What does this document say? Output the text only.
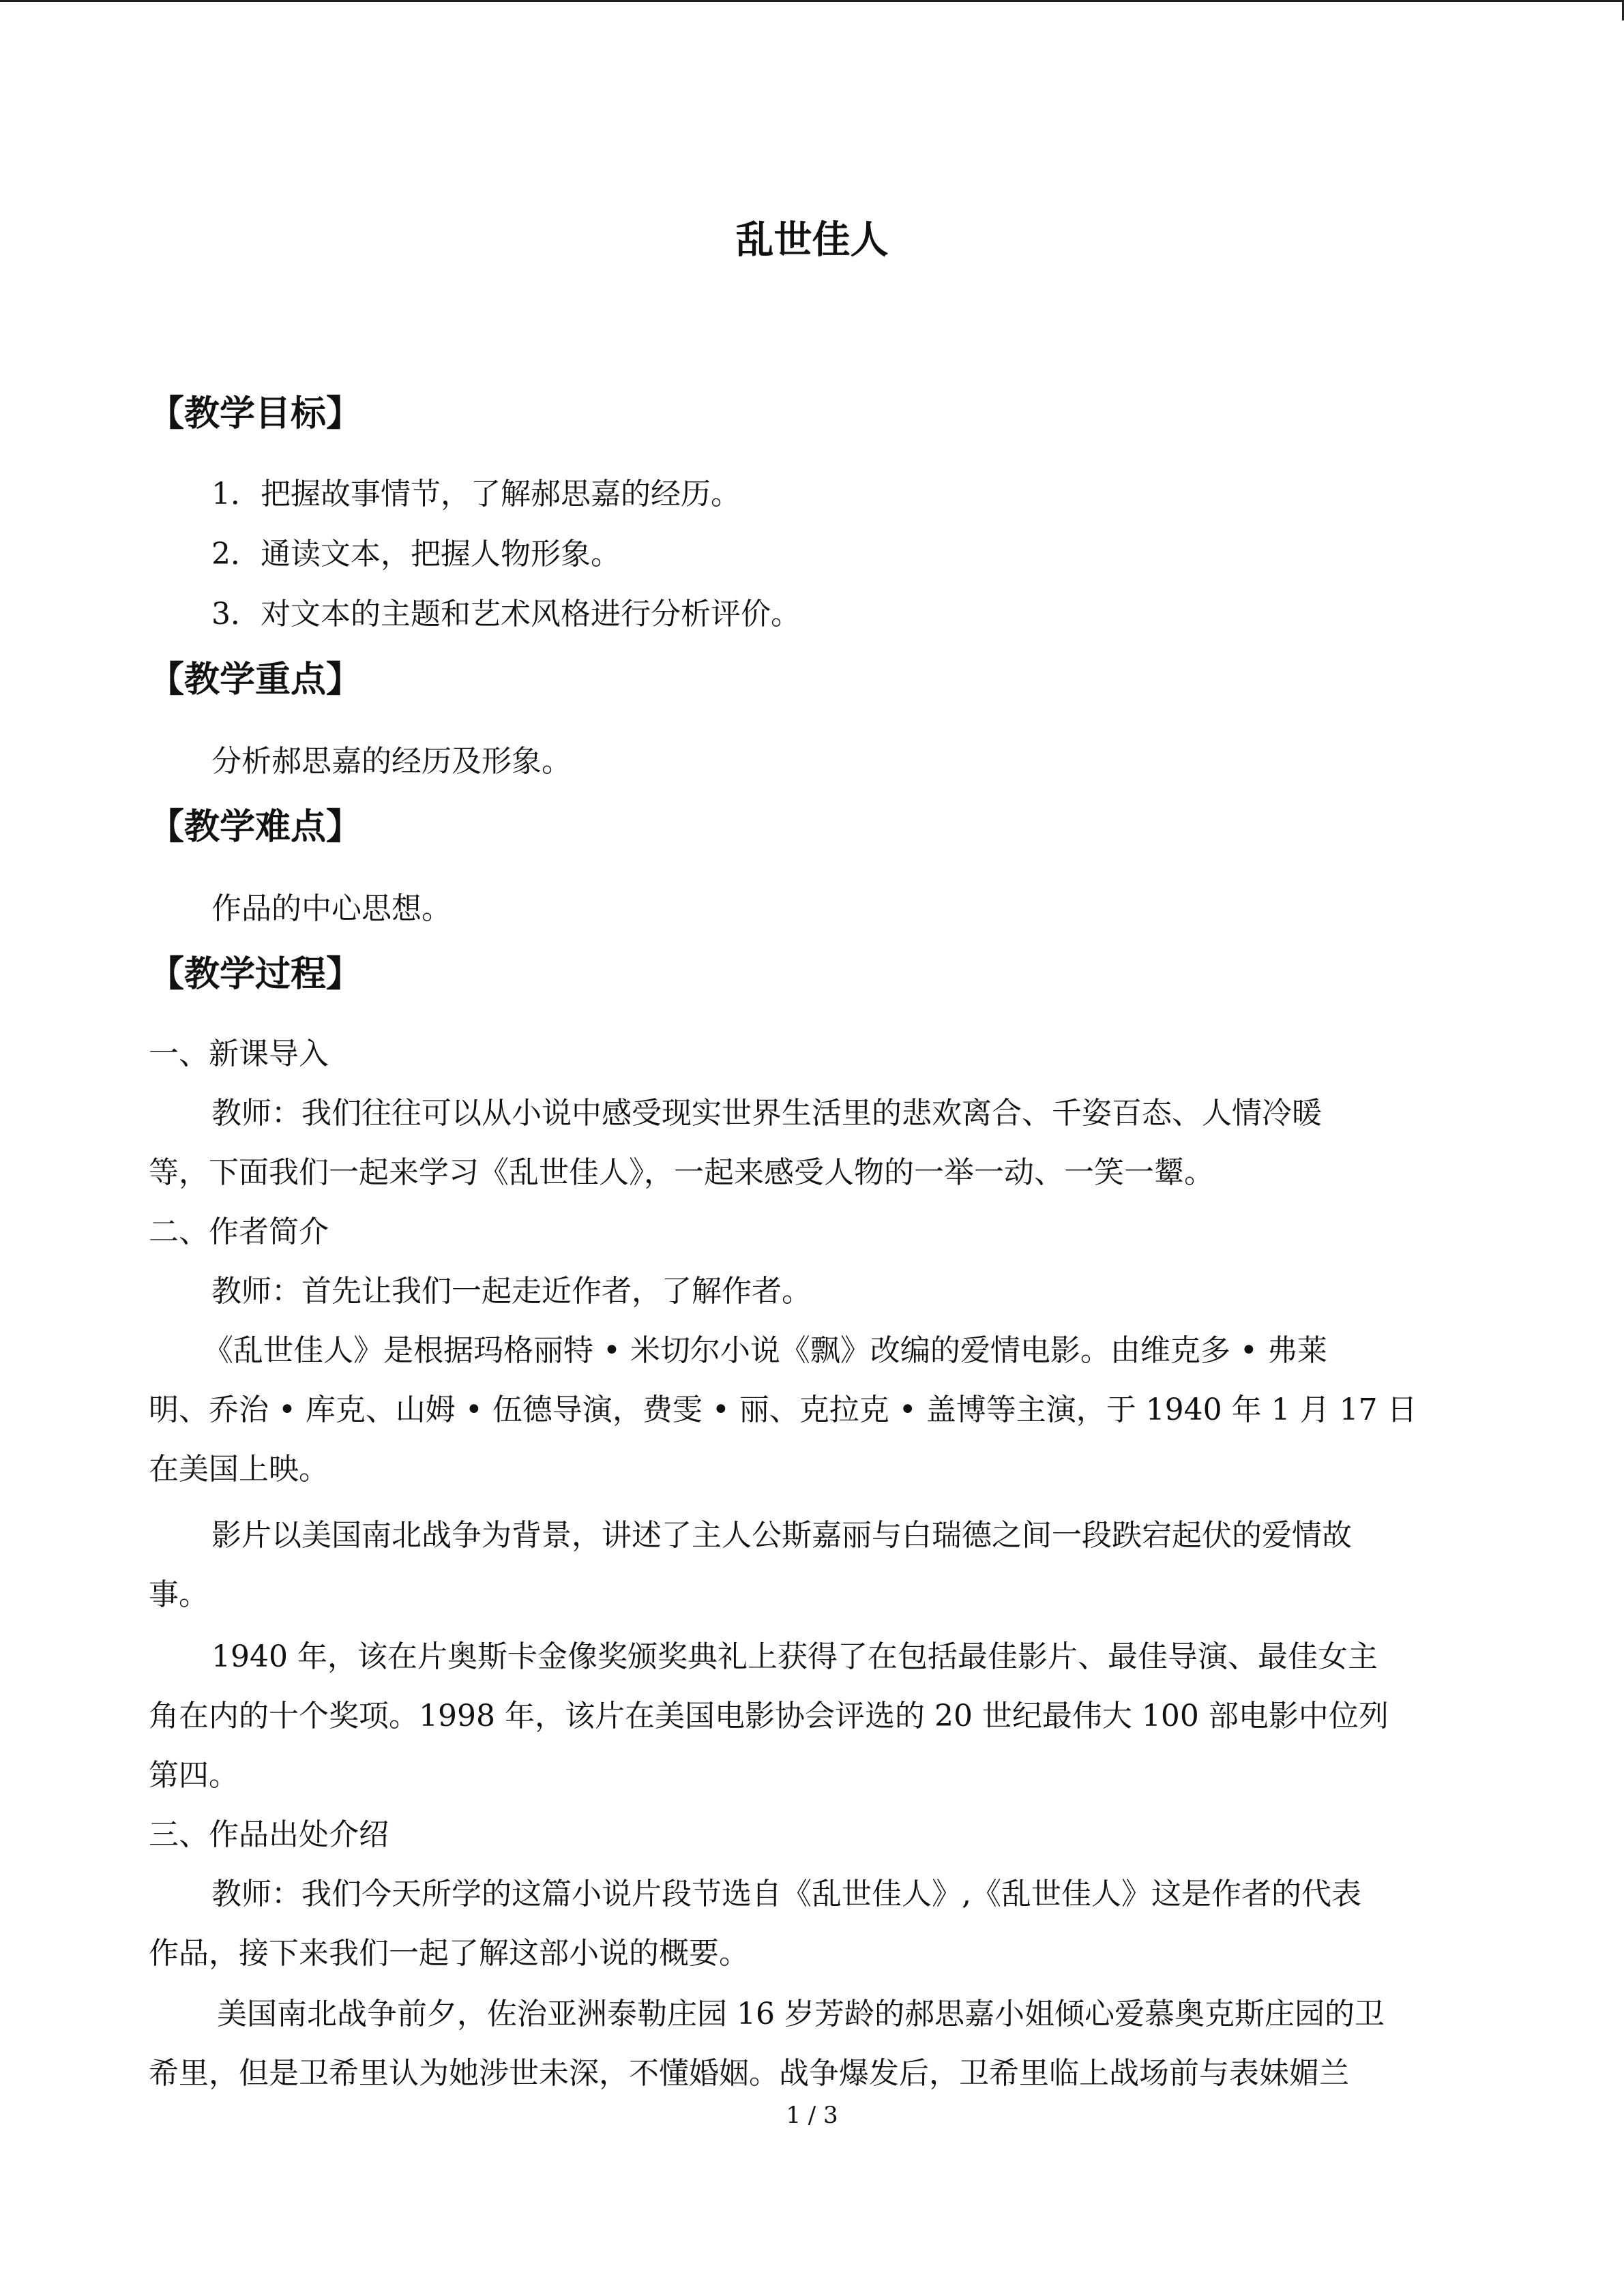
乱世佳人
【教学目标】

1．把握故事情节，了解郝思嘉的经历。

2．通读文本，把握人物形象。

3．对文本的主题和艺术风格进行分析评价。

【教学重点】

分析郝思嘉的经历及形象。

【教学难点】

作品的中心思想。

【教学过程】

一、新课导入

教师：我们往往可以从小说中感受现实世界生活里的悲欢离合、千姿百态、人情冷暖

等，下面我们一起来学习《乱世佳人》，一起来感受人物的一举一动、一笑一颦。

二、作者简介

教师：首先让我们一起走近作者，了解作者。

《乱世佳人》是根据玛格丽特 • 米切尔小说《飘》改编的爱情电影。由维克多 • 弗莱

明、乔治 • 库克、山姆 • 伍德导演，费雯 • 丽、克拉克 • 盖博等主演，于 1940 年 1 月 17 日

在美国上映。

影片以美国南北战争为背景，讲述了主人公斯嘉丽与白瑞德之间一段跌宕起伏的爱情故

事。

1940 年，该在片奥斯卡金像奖颁奖典礼上获得了在包括最佳影片、最佳导演、最佳女主

角在内的十个奖项。1998 年，该片在美国电影协会评选的 20 世纪最伟大 100 部电影中位列

第四。

三、作品出处介绍

教师：我们今天所学的这篇小说片段节选自《乱世佳人》,《乱世佳人》这是作者的代表

作品，接下来我们一起了解这部小说的概要。

美国南北战争前夕，佐治亚洲泰勒庄园 16 岁芳龄的郝思嘉小姐倾心爱慕奥克斯庄园的卫

希里，但是卫希里认为她涉世未深，不懂婚姻。战争爆发后，卫希里临上战场前与表妹媚兰

1 / 3
